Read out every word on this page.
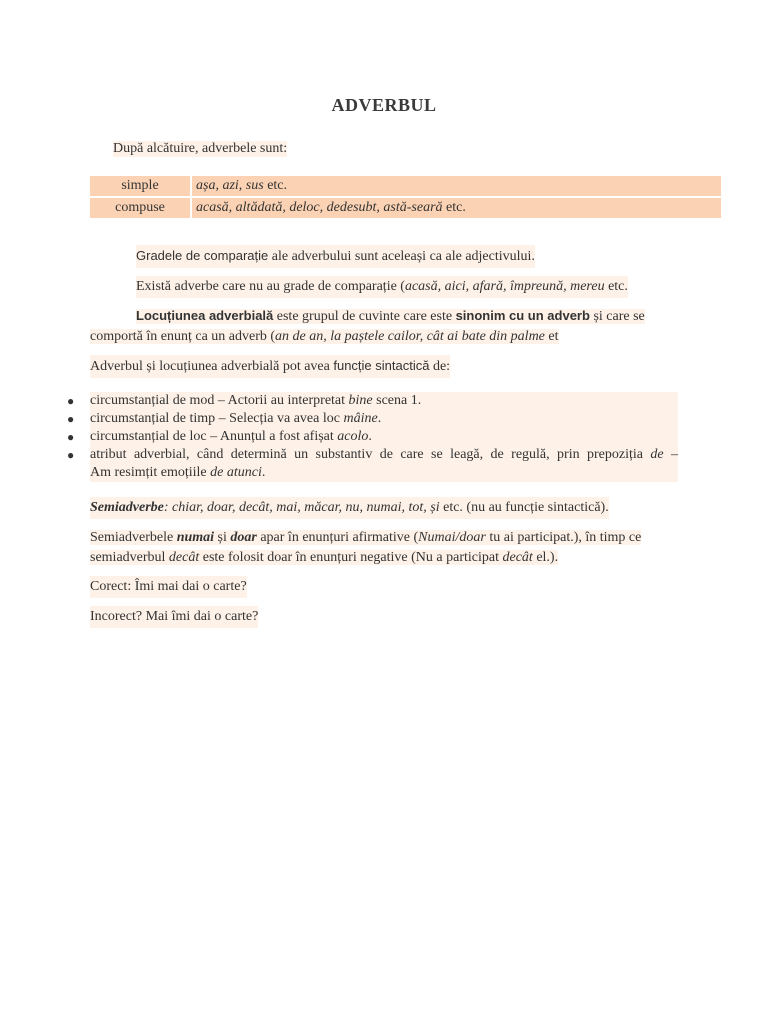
ADVERBUL
După alcătuire, adverbele sunt:
simple	așa, azi, sus etc.
compuse	acasă, altădată, deloc, dedesubt, astă-seară etc.
Gradele de comparație ale adverbului sunt aceleași ca ale adjectivului.
Există adverbe care nu au grade de comparație (acasă, aici, afară, împreună, mereu etc.
Locuțiunea adverbială este grupul de cuvinte care este sinonim cu un adverb și care se comportă în enunț ca un adverb (an de an, la paștele cailor, cât ai bate din palme et
Adverbul și locuțiunea adverbială pot avea funcție sintactică de:
● circumstanțial de mod – Actorii au interpretat bine scena 1.
● circumstanțial de timp – Selecția va avea loc mâine.
● circumstanțial de loc – Anunțul a fost afișat acolo.
● atribut adverbial, când determină un substantiv de care se leagă, de regulă, prin prepoziția de –
Am resimțit emoțiile de atunci.
Semiadverbe: chiar, doar, decât, mai, măcar, nu, numai, tot, și etc. (nu au funcție sintactică).
Semiadverbele numai și doar apar în enunțuri afirmative (Numai/doar tu ai participat.), în timp ce semiadverbul decât este folosit doar în enunțuri negative (Nu a participat decât el.).
Corect: Îmi mai dai o carte?
Incorect? Mai îmi dai o carte?
